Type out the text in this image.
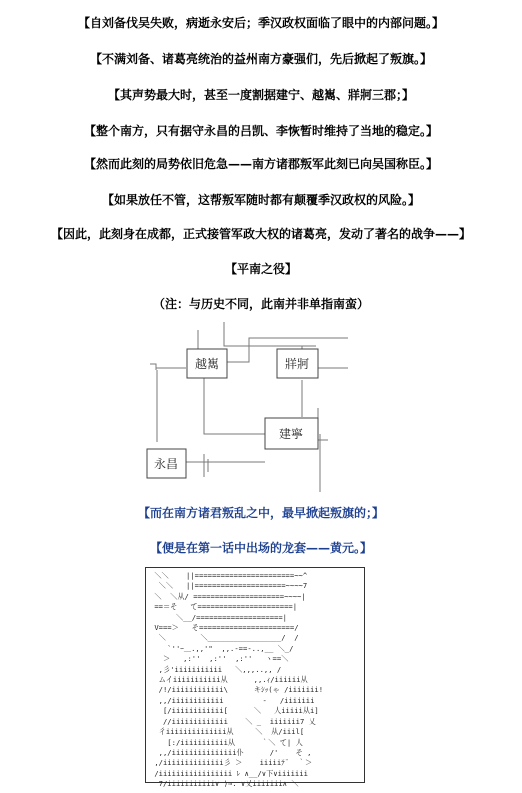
【自刘备伐吴失败，病逝永安后；季汉政权面临了眼中的内部问题。】
【不满刘备、诸葛亮统治的益州南方豪强们，先后掀起了叛旗。】
【其声势最大时，甚至一度割据建宁、越嶲、牂牁三郡；】
【整个南方，只有据守永昌的吕凯、李恢暂时维持了当地的稳定。】
【然而此刻的局势依旧危急——南方诸郡叛军此刻已向吴国称臣。】
【如果放任不管，这帮叛军随时都有颠覆季汉政权的风险。】
【因此，此刻身在成都，正式接管军政大权的诸葛亮，发动了著名的战争——】
【平南之役】
（注：与历史不同，此南并非单指南蛮）
越嶲	牂牁
建寧
永昌
【而在南方诸君叛乱之中，最早掀起叛旗的；】
【便是在第一话中出场的龙套——黄元。】
＼＼    ||=======================~~^
＼＼   ||=====================~~~~7
＼  ＼从/ =====================~~~~|
==＝そ   て======================|
＼__/====================|
V===＞   そ======================/
＼        ＼_________________/  /
`''ｰ＿.,,'"  ,,.-==-..,__ ＼_/
＞   ,:''  ,:''  ,:''   ヽ==＼
,彡'iiiiiiiiiii   ＼,,,..,, /
ムイiiiiiiiiiii从      ,,.ｨ/iiiiii从
/!/iiiiiiiiiiii\      キｼｯ(ゃ /iiiiiii!
,,/iiiiiiiiiiii         ‐   /iiiiiii
[/iiiiiiiiiiii[      ＼   人iiiii从i]
//iiiiiiiiiiiii    ＼ _  iiiiiii7 乂
彳iiiiiiiiiiiiii从     ＼  从/iiil[
[:/iiiiiiiiiii从      ｀＼ て| 人
,,/iiiiiiiiiiiiiii仆      /'    そ ,
,/iiiiiiiiiiiiii彡 ＞    iiiiiﾃ¨  ｀＞
/iiiiiiiiiiiiiiiii ﾚ ∧__/∨下∨iiiiiii
7/iiiiiiiiiii∨ ⟩⇒. ∨乂iiiiiii∧ ＼
